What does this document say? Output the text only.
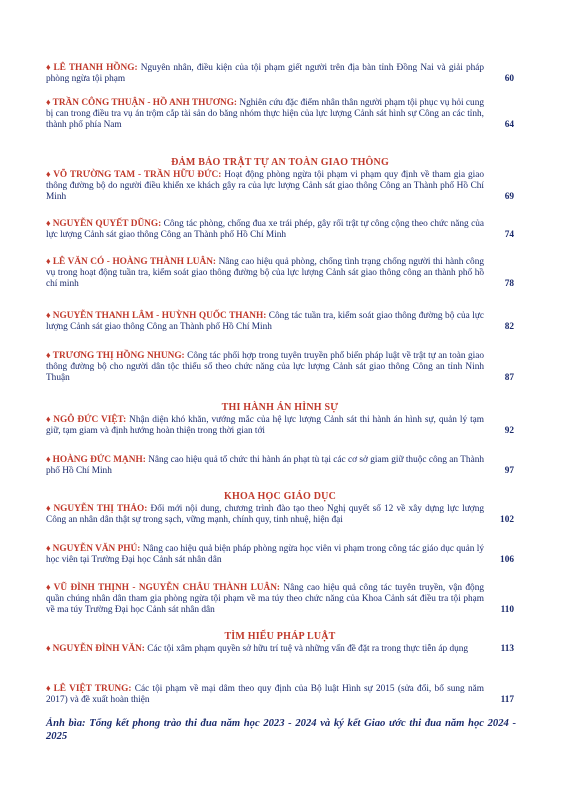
♦ LÊ THANH HỒNG: Nguyên nhân, điều kiện của tội phạm giết người trên địa bàn tỉnh Đồng Nai và giải pháp phòng ngừa tội phạm	60
♦ TRẦN CÔNG THUẬN - HỒ ANH THƯƠNG: Nghiên cứu đặc điểm nhân thân người phạm tội phục vụ hỏi cung bị can trong điều tra vụ án trộm cắp tài sản do băng nhóm thực hiện của lực lượng Cảnh sát hình sự Công an các tỉnh, thành phố phía Nam	64
ĐẢM BẢO TRẬT TỰ AN TOÀN GIAO THÔNG
♦ VÕ TRƯỜNG TAM - TRẦN HỮU ĐỨC: Hoạt động phòng ngừa tội phạm vi phạm quy định về tham gia giao thông đường bộ do người điều khiển xe khách gây ra của lực lượng Cảnh sát giao thông Công an Thành phố Hồ Chí Minh	69
♦ NGUYỄN QUYẾT DŨNG: Công tác phòng, chống đua xe trái phép, gây rối trật tự công cộng theo chức năng của lực lượng Cảnh sát giao thông Công an Thành phố Hồ Chí Minh	74
♦ LÊ VĂN CÓ - HOÀNG THÀNH LUÂN: Nâng cao hiệu quả phòng, chống tình trạng chống người thi hành công vụ trong hoạt động tuần tra, kiểm soát giao thông đường bộ của lực lượng Cảnh sát giao thông công an thành phố hồ chí minh	78
♦ NGUYỄN THANH LÂM - HUỲNH QUỐC THANH: Công tác tuần tra, kiểm soát giao thông đường bộ của lực lượng Cảnh sát giao thông Công an Thành phố Hồ Chí Minh	82
♦ TRƯƠNG THỊ HỒNG NHUNG: Công tác phối hợp trong tuyên truyền phổ biến pháp luật về trật tự an toàn giao thông đường bộ cho người dân tộc thiểu số theo chức năng của lực lượng Cảnh sát giao thông Công an tỉnh Ninh Thuận	87
THI HÀNH ÁN HÌNH SỰ
♦ NGÔ ĐỨC VIỆT: Nhận diện khó khăn, vướng mắc của hệ lực lượng Cảnh sát thi hành án hình sự, quản lý tạm giữ, tạm giam và định hướng hoàn thiện trong thời gian tới	92
♦ HOÀNG ĐỨC MẠNH: Nâng cao hiệu quả tổ chức thi hành án phạt tù tại các cơ sở giam giữ thuộc công an Thành phố Hồ Chí Minh	97
KHOA HỌC GIÁO DỤC
♦ NGUYỄN THỊ THẢO: Đổi mới nội dung, chương trình đào tạo theo Nghị quyết số 12 về xây dựng lực lượng Công an nhân dân thật sự trong sạch, vững mạnh, chính quy, tinh nhuệ, hiện đại	102
♦ NGUYỄN VĂN PHÚ: Nâng cao hiệu quả biện pháp phòng ngừa học viên vi phạm trong công tác giáo dục quản lý học viên tại Trường Đại học Cảnh sát nhân dân	106
♦ VŨ ĐÌNH THỊNH - NGUYỄN CHÂU THÀNH LUÂN: Nâng cao hiệu quả công tác tuyên truyền, vận động quần chúng nhân dân tham gia phòng ngừa tội phạm về ma túy theo chức năng của Khoa Cảnh sát điều tra tội phạm về ma túy Trường Đại học Cảnh sát nhân dân	110
TÌM HIỂU PHÁP LUẬT
♦ NGUYỄN ĐÌNH VĂN: Các tội xâm phạm quyền sở hữu trí tuệ và những vấn đề đặt ra trong thực tiễn áp dụng	113
♦ LÊ VIỆT TRUNG: Các tội phạm về mại dâm theo quy định của Bộ luật Hình sự 2015 (sửa đổi, bổ sung năm 2017) và đề xuất hoàn thiện	117
Ảnh bìa: Tổng kết phong trào thi đua năm học 2023 - 2024 và ký kết Giao ước thi đua năm học 2024 - 2025
